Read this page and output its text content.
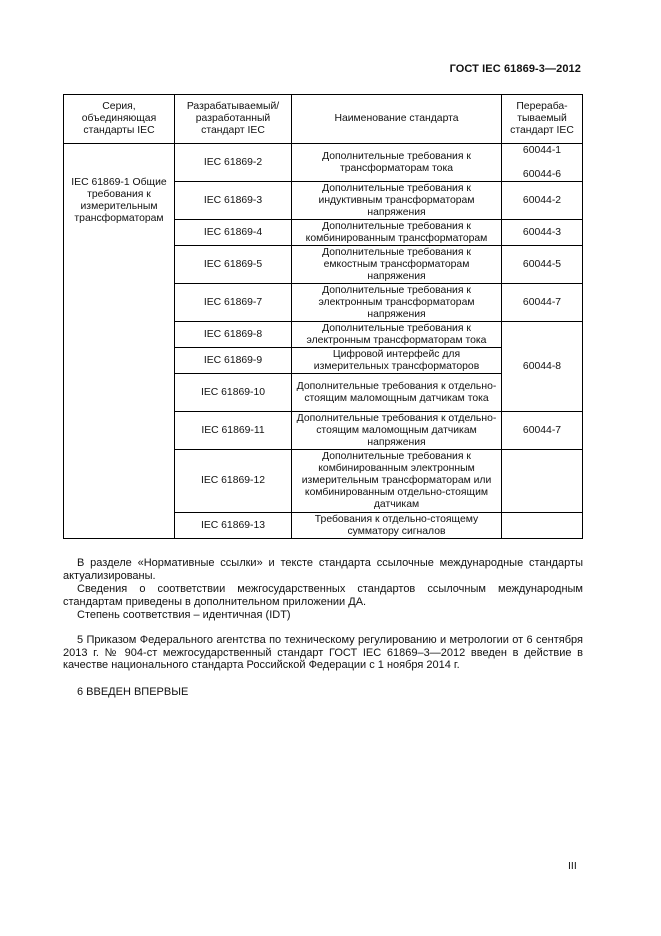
ГОСТ IEC 61869-3—2012
Серия, объединяющая стандарты IEC	Разрабатываемый/ разработанный стандарт IEC	Наименование стандарта	Перераба- тываемый стандарт IEC
IEC 61869-1 Общие требования к измерительным трансформаторам	IEC 61869-2	Дополнительные требования к трансформаторам тока	60044-1
60044-6

	IEC 61869-3	Дополнительные требования к индуктивным трансформаторам напряжения	60044-2
	IEC 61869-4	Дополнительные требования к комбинированным трансформаторам	60044-3
	IEC 61869-5	Дополнительные требования к емкостным трансформаторам напряжения	60044-5
	IEC 61869-7	Дополнительные требования к электронным трансформаторам напряжения	60044-7
	IEC 61869-8	Дополнительные требования к электронным трансформаторам тока	60044-8
	IEC 61869-9	Цифровой интерфейс для измерительных трансформаторов	
	IEC 61869-10	Дополнительные требования к отдельно-стоящим маломощным датчикам тока	
	IEC 61869-11	Дополнительные требования к отдельно-стоящим маломощным датчикам напряжения	60044-7
	IEC 61869-12	Дополнительные требования к комбинированным электронным измерительным трансформаторам или комбинированным отдельно-стоящим датчикам	
	IEC 61869-13	Требования к отдельно-стоящему сумматору сигналов	
В разделе «Нормативные ссылки» и тексте стандарта ссылочные международные стандарты актуализированы.
Сведения о соответствии межгосударственных стандартов ссылочным международным стандартам приведены в дополнительном приложении ДА.
Степень соответствия – идентичная (IDT)
5 Приказом Федерального агентства по техническому регулированию и метрологии от 6 сентября 2013 г. № 904-ст межгосударственный стандарт ГОСТ IEC 61869–3—2012 введен в действие в качестве национального стандарта Российской Федерации с 1 ноября 2014 г.
6 ВВЕДЕН ВПЕРВЫЕ
III
